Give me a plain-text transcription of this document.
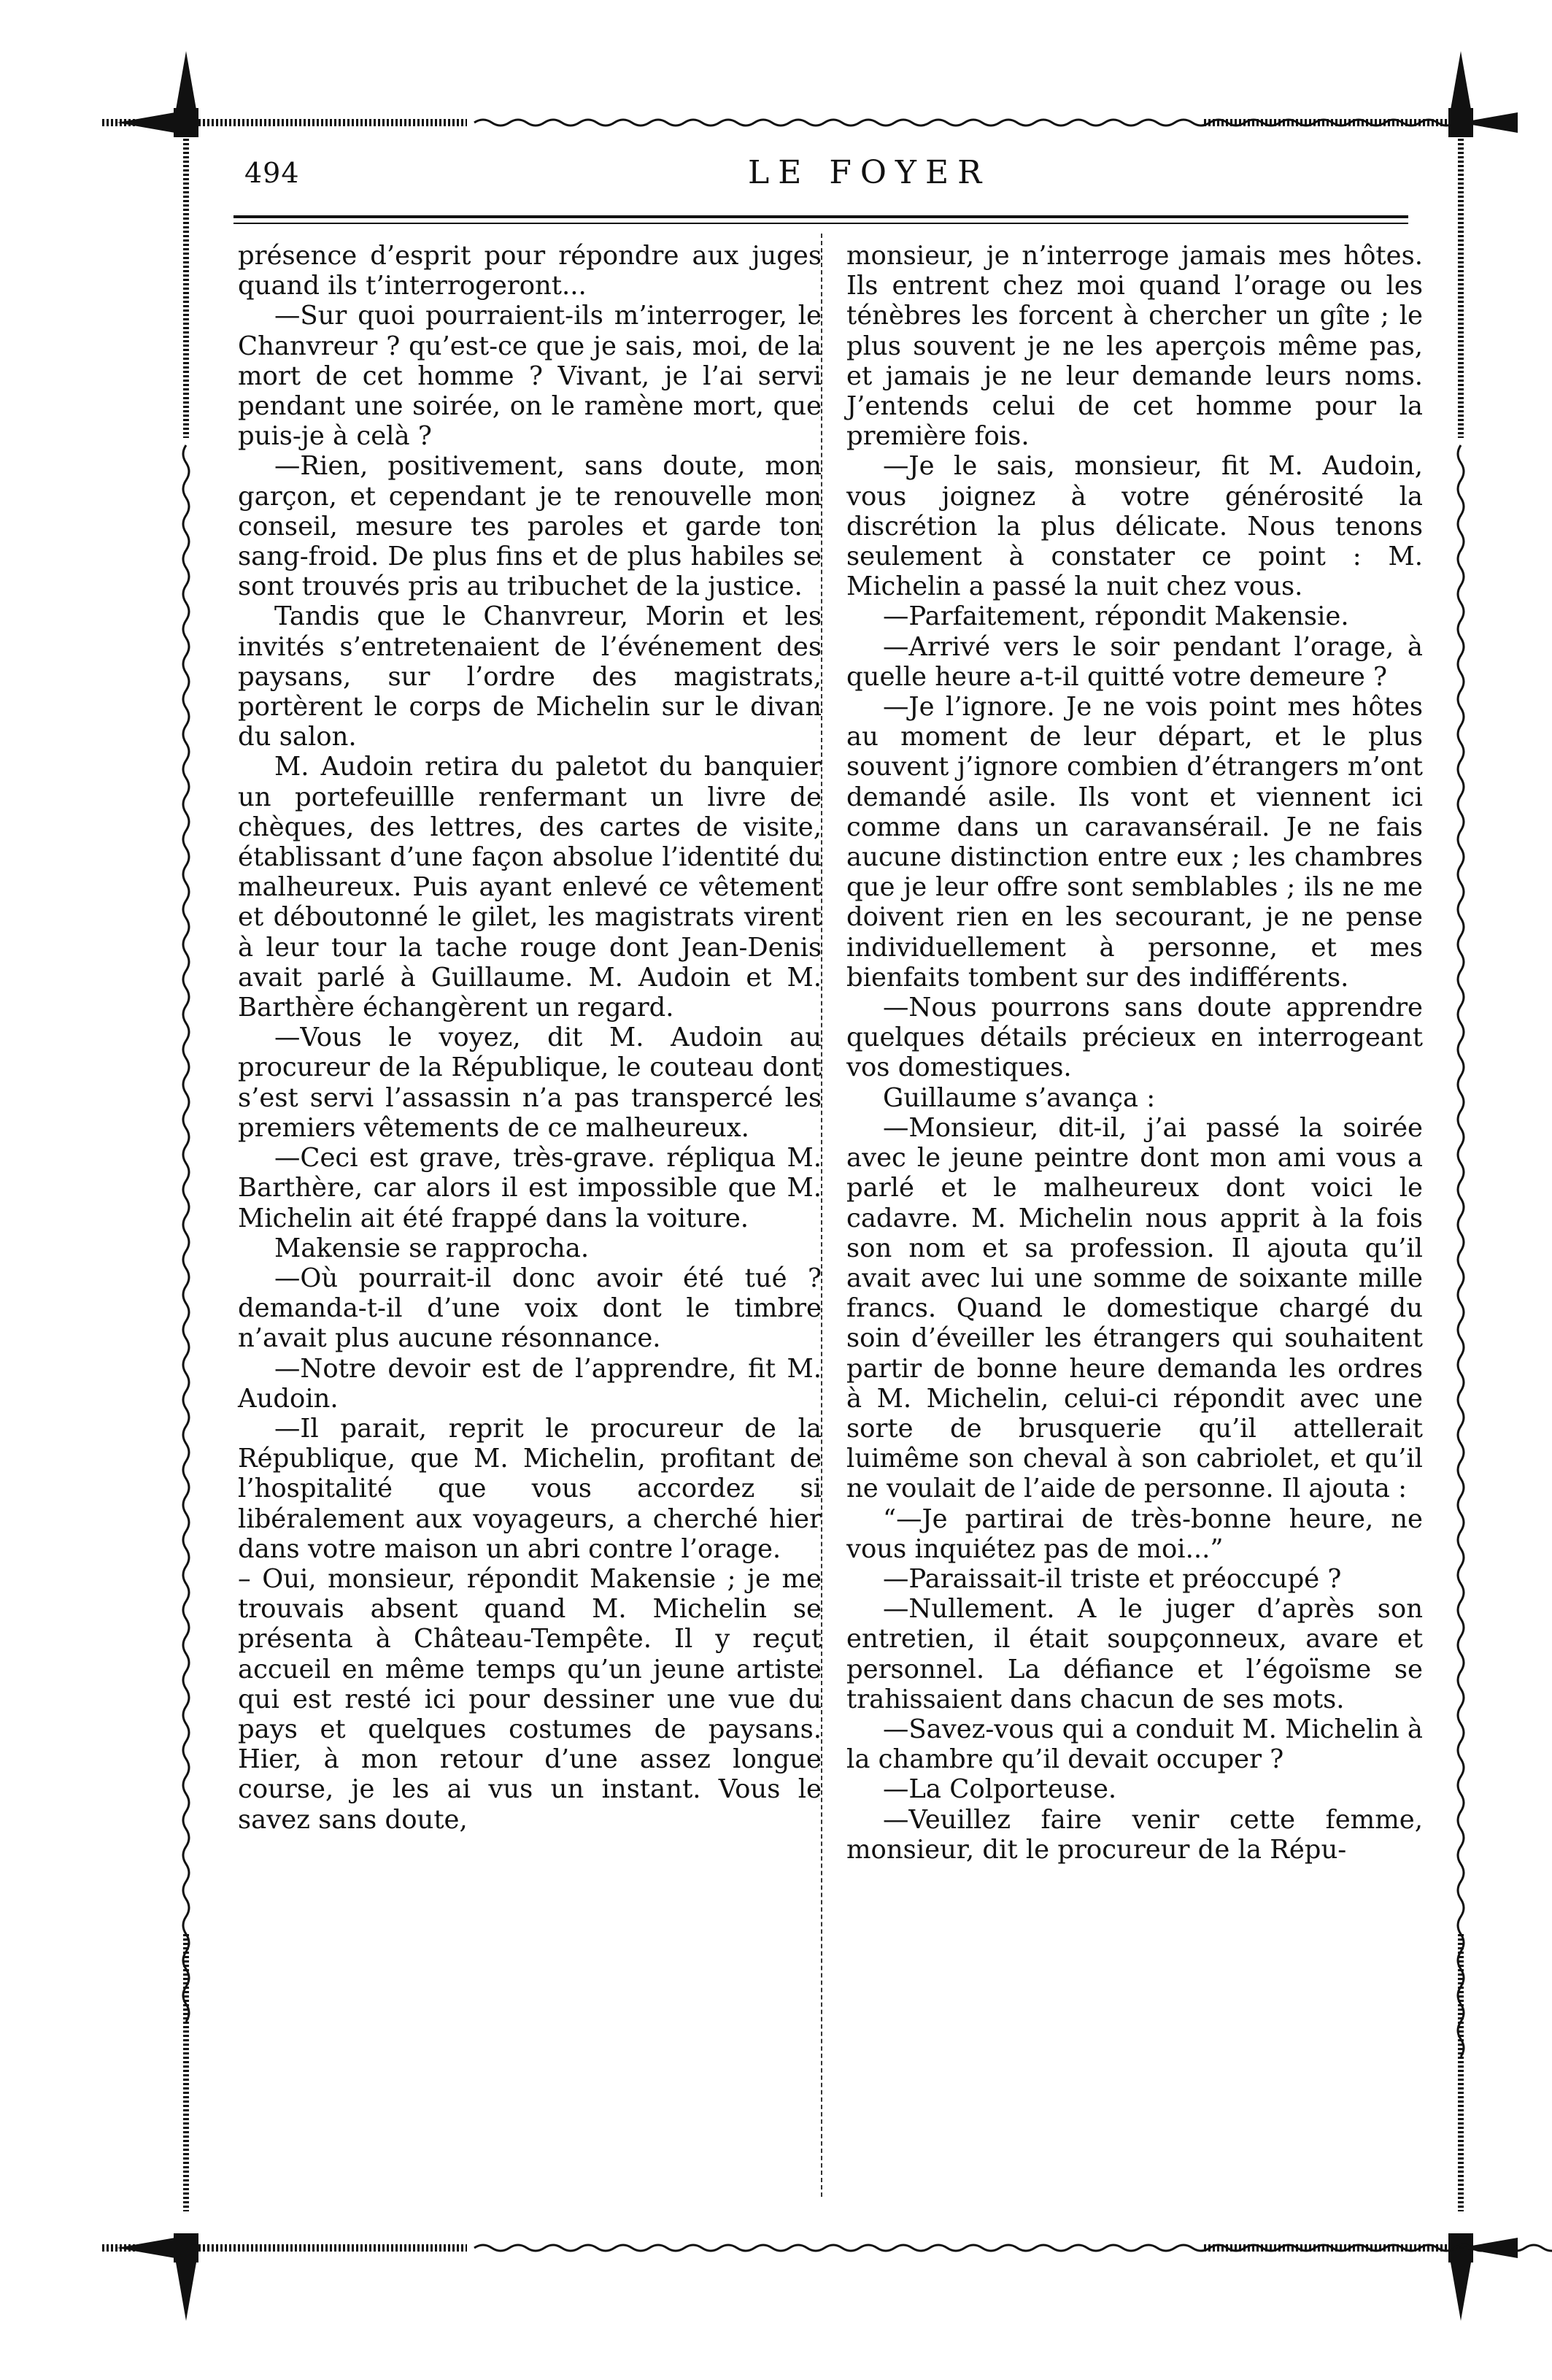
494	LE FOYER

présence d’esprit pour répondre aux juges quand ils t’interrogeront...

—Sur quoi pourraient-ils m’interroger, le Chanvreur ? qu’est-ce que je sais, moi, de la mort de cet homme ? Vivant, je l’ai servi pendant une soirée, on le ramène mort, que puis-je à celà ?

—Rien, positivement, sans doute, mon garçon, et cependant je te renouvelle mon conseil, mesure tes paroles et garde ton sang-froid. De plus fins et de plus habiles se sont trouvés pris au tribuchet de la justice.

Tandis que le Chanvreur, Morin et les invités s’entretenaient de l’événement des paysans, sur l’ordre des magistrats, portèrent le corps de Michelin sur le divan du salon.

M. Audoin retira du paletot du banquier un portefeuillle renfermant un livre de chèques, des lettres, des cartes de visite, établissant d’une façon absolue l’identité du malheureux. Puis ayant enlevé ce vêtement et déboutonné le gilet, les magistrats virent à leur tour la tache rouge dont Jean-Denis avait parlé à Guillaume. M. Audoin et M. Barthère échangèrent un regard.

—Vous le voyez, dit M. Audoin au procureur de la République, le couteau dont s’est servi l’assassin n’a pas transpercé les premiers vêtements de ce malheureux.

—Ceci est grave, très-grave. répliqua M. Barthère, car alors il est impossible que M. Michelin ait été frappé dans la voiture.

Makensie se rapprocha.

—Où pourrait-il donc avoir été tué ? demanda-t-il d’une voix dont le timbre n’avait plus aucune résonnance.

—Notre devoir est de l’apprendre, fit M. Audoin.

—Il parait, reprit le procureur de la République, que M. Michelin, profitant de l’hospitalité que vous accordez si libéralement aux voyageurs, a cherché hier dans votre maison un abri contre l’orage.

– Oui, monsieur, répondit Makensie ; je me trouvais absent quand M. Michelin se présenta à Château-Tempête. Il y reçut accueil en même temps qu’un jeune artiste qui est resté ici pour dessiner une vue du pays et quelques costumes de paysans. Hier, à mon retour d’une assez longue course, je les ai vus un instant. Vous le savez sans doute,

monsieur, je n’interroge jamais mes hôtes. Ils entrent chez moi quand l’orage ou les ténèbres les forcent à chercher un gîte ; le plus souvent je ne les aperçois même pas, et jamais je ne leur demande leurs noms. J’entends celui de cet homme pour la première fois.

—Je le sais, monsieur, fit M. Audoin, vous joignez à votre générosité la discrétion la plus délicate. Nous tenons seulement à constater ce point : M. Michelin a passé la nuit chez vous.

—Parfaitement, répondit Makensie.

—Arrivé vers le soir pendant l’orage, à quelle heure a-t-il quitté votre demeure ?

—Je l’ignore. Je ne vois point mes hôtes au moment de leur départ, et le plus souvent j’ignore combien d’étrangers m’ont demandé asile. Ils vont et viennent ici comme dans un caravansérail. Je ne fais aucune distinction entre eux ; les chambres que je leur offre sont semblables ; ils ne me doivent rien en les secourant, je ne pense individuellement à personne, et mes bienfaits tombent sur des indifférents.

—Nous pourrons sans doute apprendre quelques détails précieux en interrogeant vos domestiques.

Guillaume s’avança :

—Monsieur, dit-il, j’ai passé la soirée avec le jeune peintre dont mon ami vous a parlé et le malheureux dont voici le cadavre. M. Michelin nous apprit à la fois son nom et sa profession. Il ajouta qu’il avait avec lui une somme de soixante mille francs. Quand le domestique chargé du soin d’éveiller les étrangers qui souhaitent partir de bonne heure demanda les ordres à M. Michelin, celui-ci répondit avec une sorte de brusquerie qu’il attellerait luimême son cheval à son cabriolet, et qu’il ne voulait de l’aide de personne. Il ajouta :

“—Je partirai de très-bonne heure, ne vous inquiétez pas de moi...”

—Paraissait-il triste et préoccupé ?

—Nullement. A le juger d’après son entretien, il était soupçonneux, avare et personnel. La défiance et l’égoïsme se trahissaient dans chacun de ses mots.

—Savez-vous qui a conduit M. Michelin à la chambre qu’il devait occuper ?

—La Colporteuse.

—Veuillez faire venir cette femme, monsieur, dit le procureur de la Répu-
